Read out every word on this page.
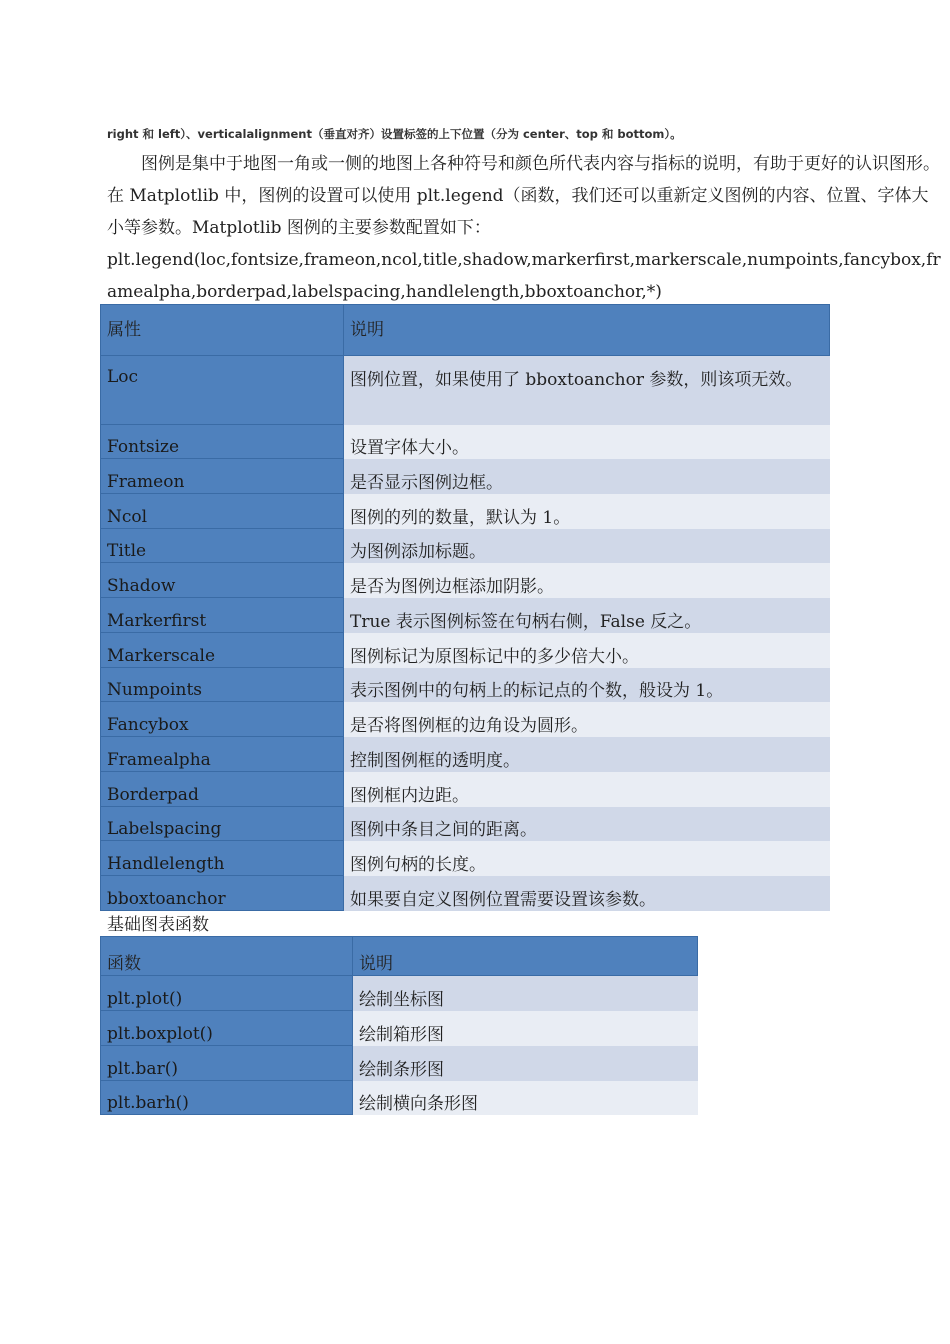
right 和 left）、verticalalignment（垂直对齐）设置标签的上下位置（分为 center、top 和 bottom）。

图例是集中于地图一角或一侧的地图上各种符号和颜色所代表内容与指标的说明，有助于更好的认识图形。在 Matplotlib 中，图例的设置可以使用 plt.legend（函数，我们还可以重新定义图例的内容、位置、字体大小等参数。Matplotlib 图例的主要参数配置如下：

plt.legend(loc,fontsize,frameon,ncol,title,shadow,markerfirst,markerscale,numpoints,fancybox,framealpha,borderpad,labelspacing,handlelength,bboxtoanchor,*)

属性	说明
Loc	图例位置，如果使用了 bboxtoanchor 参数，则该项无效。
Fontsize	设置字体大小。
Frameon	是否显示图例边框。
Ncol	图例的列的数量，默认为 1。
Title	为图例添加标题。
Shadow	是否为图例边框添加阴影。
Markerfirst	True 表示图例标签在句柄右侧，False 反之。
Markerscale	图例标记为原图标记中的多少倍大小。
Numpoints	表示图例中的句柄上的标记点的个数，般设为 1。
Fancybox	是否将图例框的边角设为圆形。
Framealpha	控制图例框的透明度。
Borderpad	图例框内边距。
Labelspacing	图例中条目之间的距离。
Handlelength	图例句柄的长度。
bboxtoanchor	如果要自定义图例位置需要设置该参数。
基础图表函数
函数	说明
plt.plot()	绘制坐标图
plt.boxplot()	绘制箱形图
plt.bar()	绘制条形图
plt.barh()	绘制横向条形图
